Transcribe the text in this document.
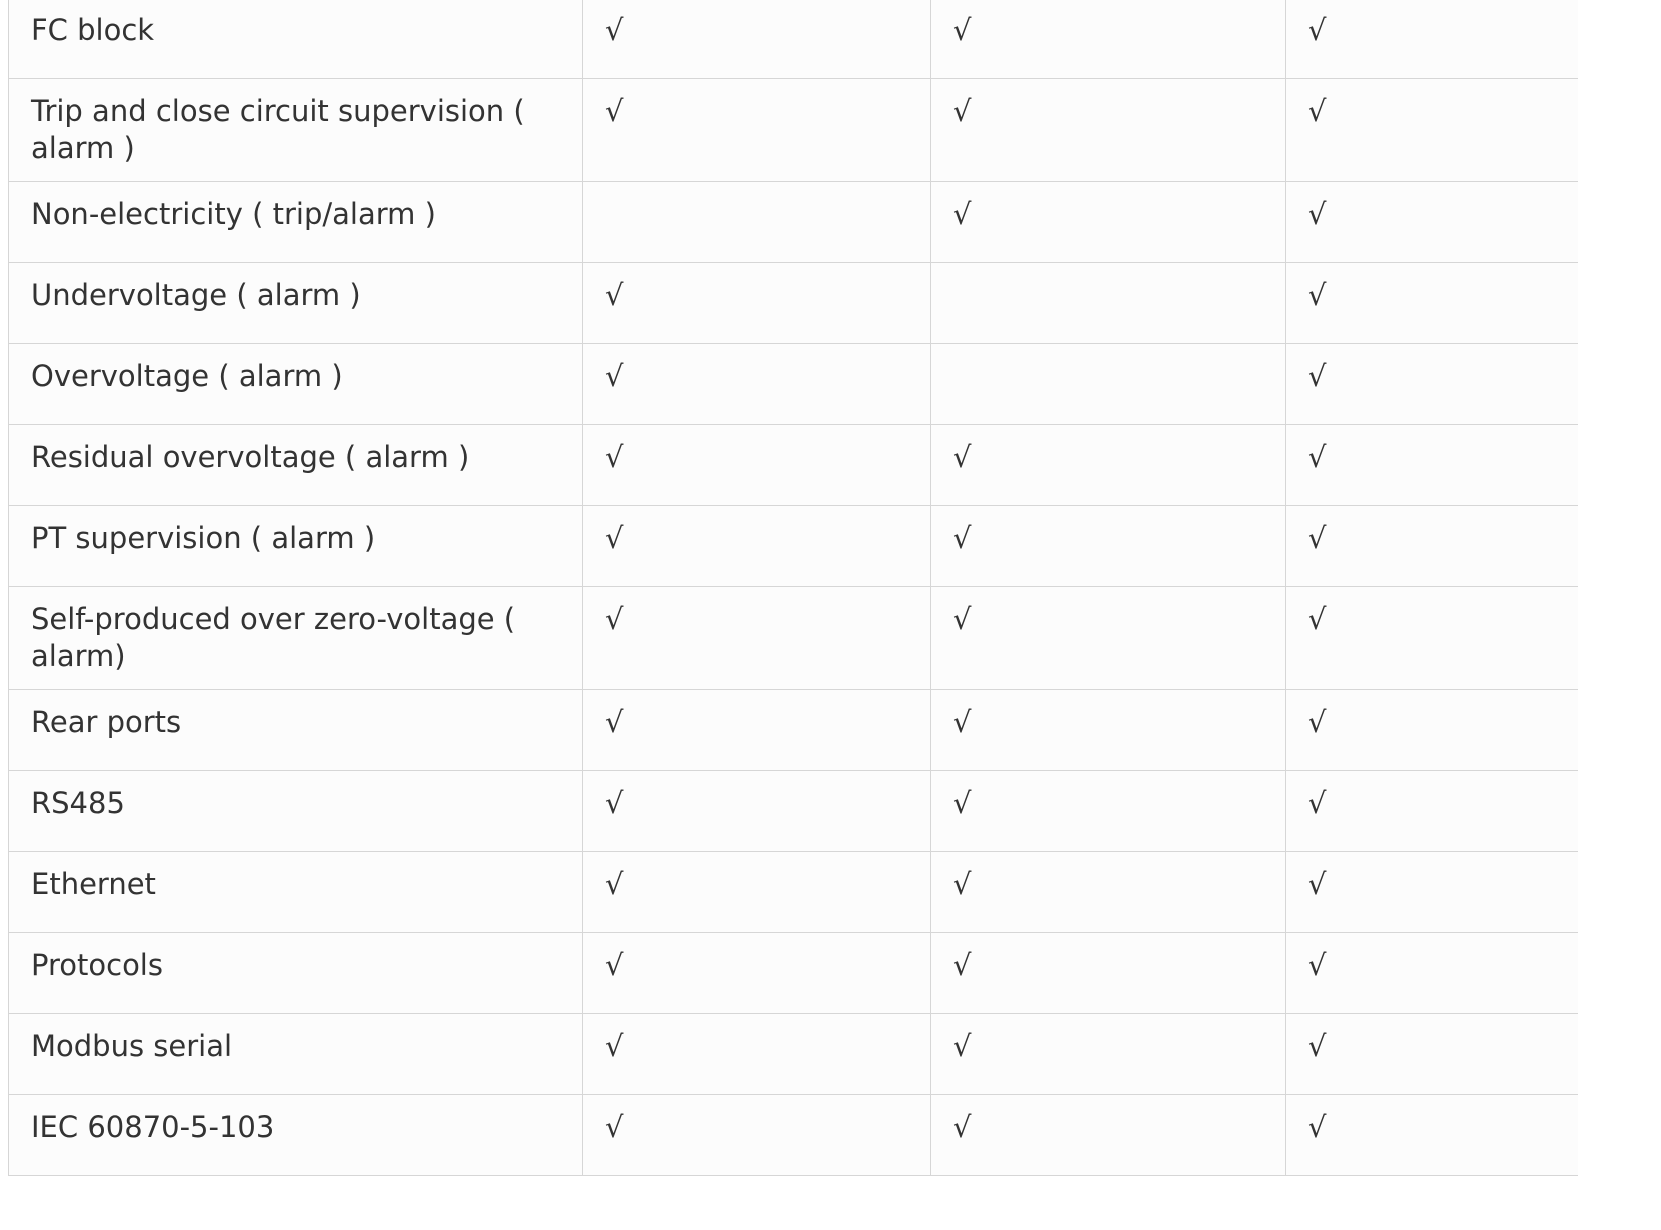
FC block	√	√	√
Trip and close circuit supervision ( alarm )	√	√	√
Non-electricity ( trip/alarm )		√	√
Undervoltage ( alarm )	√		√
Overvoltage ( alarm )	√		√
Residual overvoltage ( alarm )	√	√	√
PT supervision ( alarm )	√	√	√
Self-produced over zero-voltage ( alarm)	√	√	√
Rear ports	√	√	√
RS485	√	√	√
Ethernet	√	√	√
Protocols	√	√	√
Modbus serial	√	√	√
IEC 60870-5-103	√	√	√
